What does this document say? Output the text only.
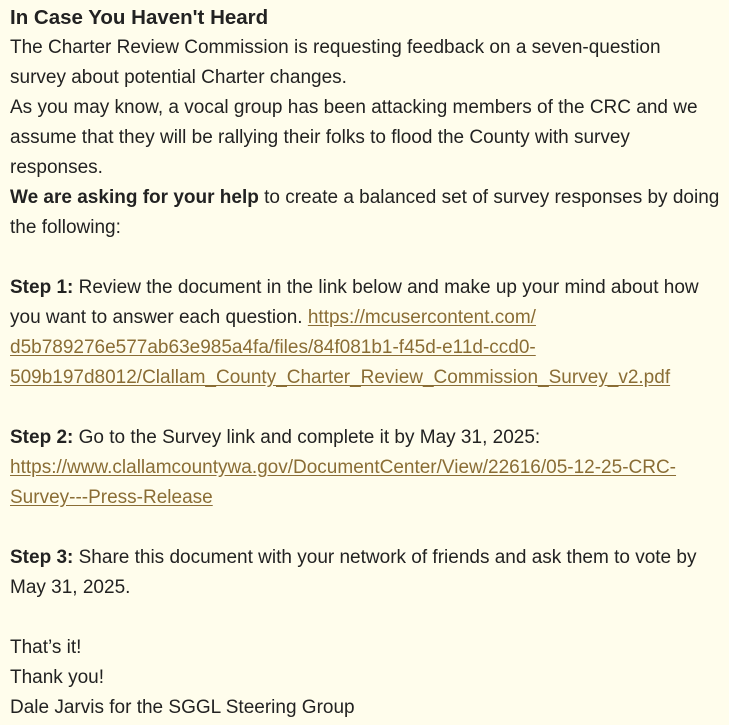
In Case You Haven't Heard

The Charter Review Commission is requesting feedback on a seven-question survey about potential Charter changes.

As you may know, a vocal group has been attacking members of the CRC and we assume that they will be rallying their folks to flood the County with survey responses.

We are asking for your help to create a balanced set of survey responses by doing the following:

Step 1: Review the document in the link below and make up your mind about how you want to answer each question. https://mcusercontent.com/
d5b789276e577ab63e985a4fa/files/84f081b1-f45d-e11d-ccd0-
509b197d8012/Clallam_County_Charter_Review_Commission_Survey_v2.pdf

Step 2: Go to the Survey link and complete it by May 31, 2025:
https://www.clallamcountywa.gov/DocumentCenter/View/22616/05-12-25-CRC-
Survey---Press-Release

Step 3: Share this document with your network of friends and ask them to vote by May 31, 2025.

That’s it!

Thank you!

Dale Jarvis for the SGGL Steering Group
